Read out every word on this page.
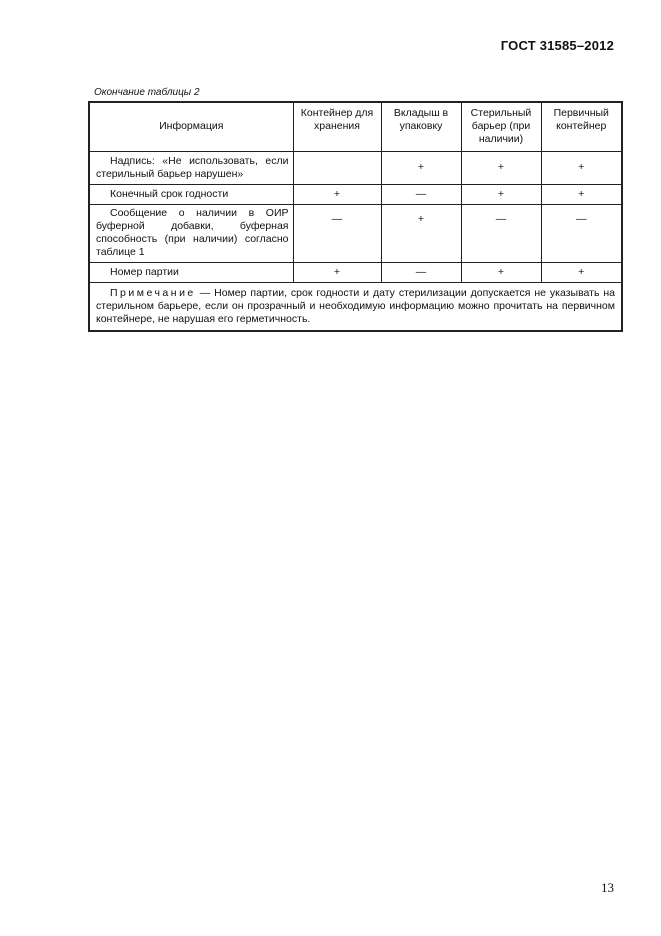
ГОСТ 31585–2012
Окончание таблицы 2
Информация	Контейнер для хранения	Вкладыш в упаковку	Стерильный барьер (при наличии)	Первичный контейнер
Надпись: «Не использовать, если стерильный барьер нарушен»		+	+	+
Конечный срок годности	+	—	+	+
Сообщение о наличии в ОИР буферной добавки, буферная способность (при наличии) согласно таблице 1	—	+	—	—
Номер партии	+	—	+	+
Примечание — Номер партии, срок годности и дату стерилизации допускается не указывать на стерильном барьере, если он прозрачный и необходимую информацию можно прочитать на первичном контейнере, не нарушая его герметичность.				
13
